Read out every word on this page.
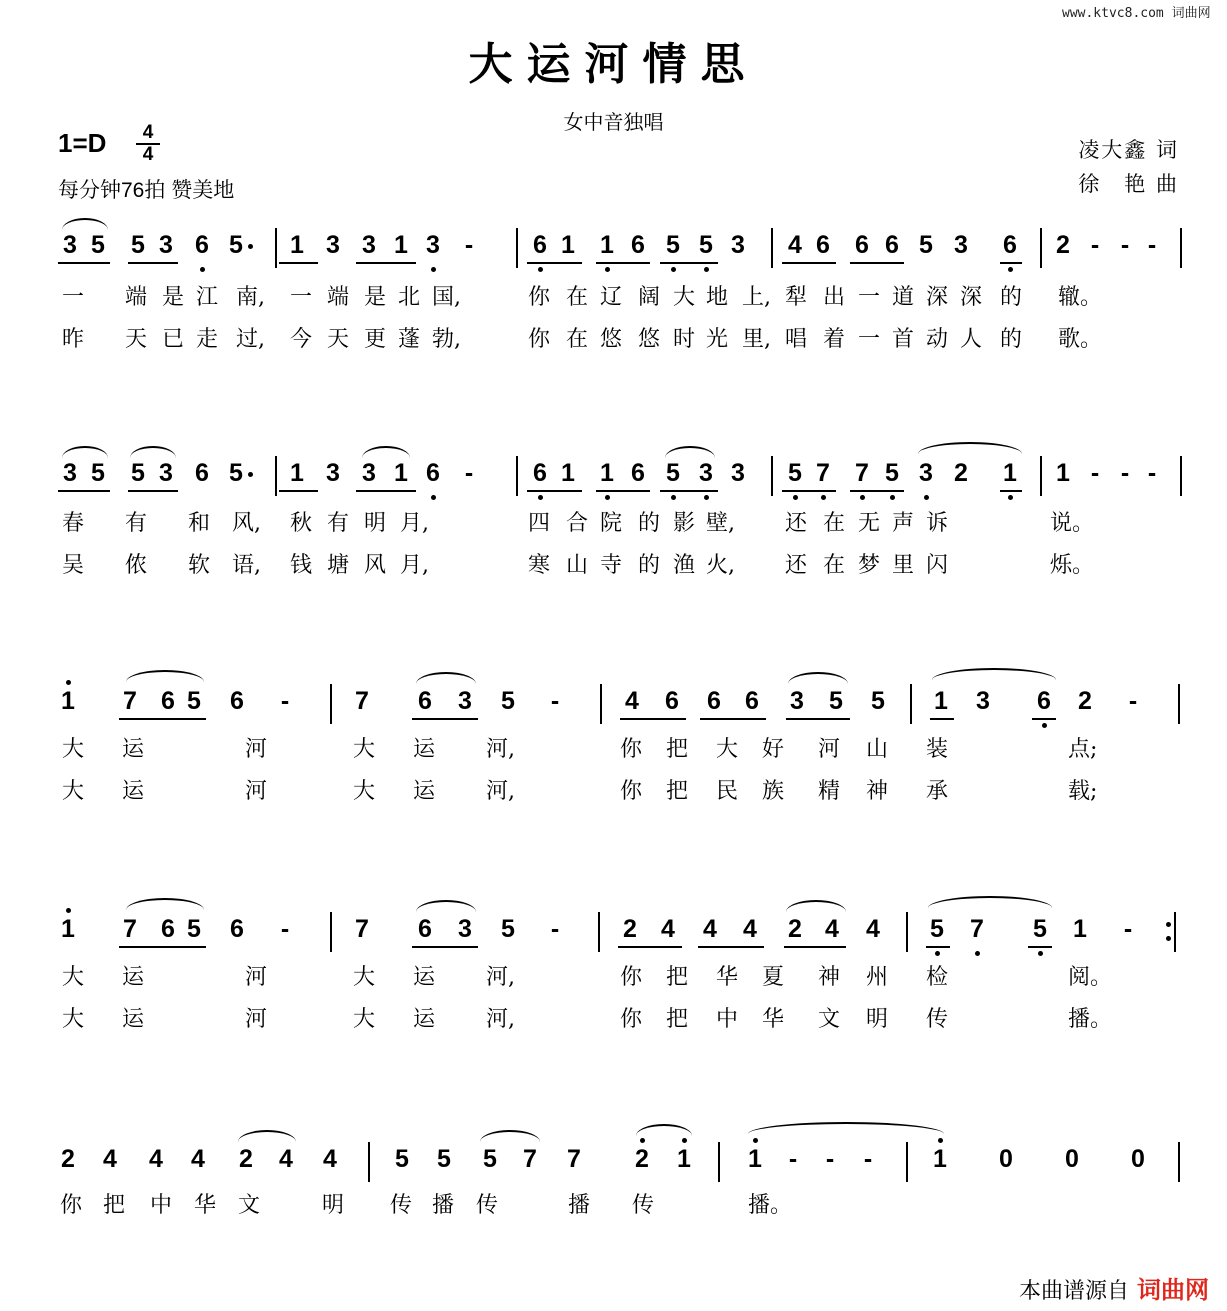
www.ktvc8.com 词曲网
大运河情思
女中音独唱
1=D	4
4
每分钟76拍 赞美地
凌大鑫 词
徐　艳 曲
3 5 5 3 6 5 1 3 3 1 3 -	6 1 1 6 5 5 3 4 6 6 6 5 3 6 2 - - -
3 5 5 3 6 5 1 3 3 1 6 -	6 1 1 6 5 3 3 5 7 7 5 3 2 1 1 - - -
1 7 6 5 6	-	7 6 3 5	-	4 6 6 6 3 5 5 1 3 6 2	-
1 7 6 5 6	-	7 6 3 5	-	2 4 4 4 2 4 4 5 7 5 1	-
2 4 4 4 2 4 4 5 5 5 7 7 2 1 1	-	-	-	1 0 0 0
一 端 是 江 南, 一 端 是 北 国,	你 在 辽 阔 大 地 上, 犁 出 一 道 深 深 的 辙。
昨 天 已 走 过, 今 天 更 蓬 勃,	你 在 悠 悠 时 光 里, 唱 着 一 首 动 人 的 歌。
春 有 和 风, 秋 有 明 月,	四 合 院 的 影 壁, 还 在 无 声 诉	说。
吴 侬 软 语, 钱 塘 风 月,	寒 山 寺 的 渔 火, 还 在 梦 里 闪	烁。
大 运	河	大 运 河,	你 把 大 好 河 山 装	点;
大 运	河	大 运 河,	你 把 民 族 精 神 承	载;
大 运	河	大 运 河,	你 把 华 夏 神 州 检	阅。
大 运	河	大 运 河,	你 把 中 华 文 明 传	播。
你 把 中 华 文	明 传 播 传	播 传	播。
本曲谱源自 词曲网
